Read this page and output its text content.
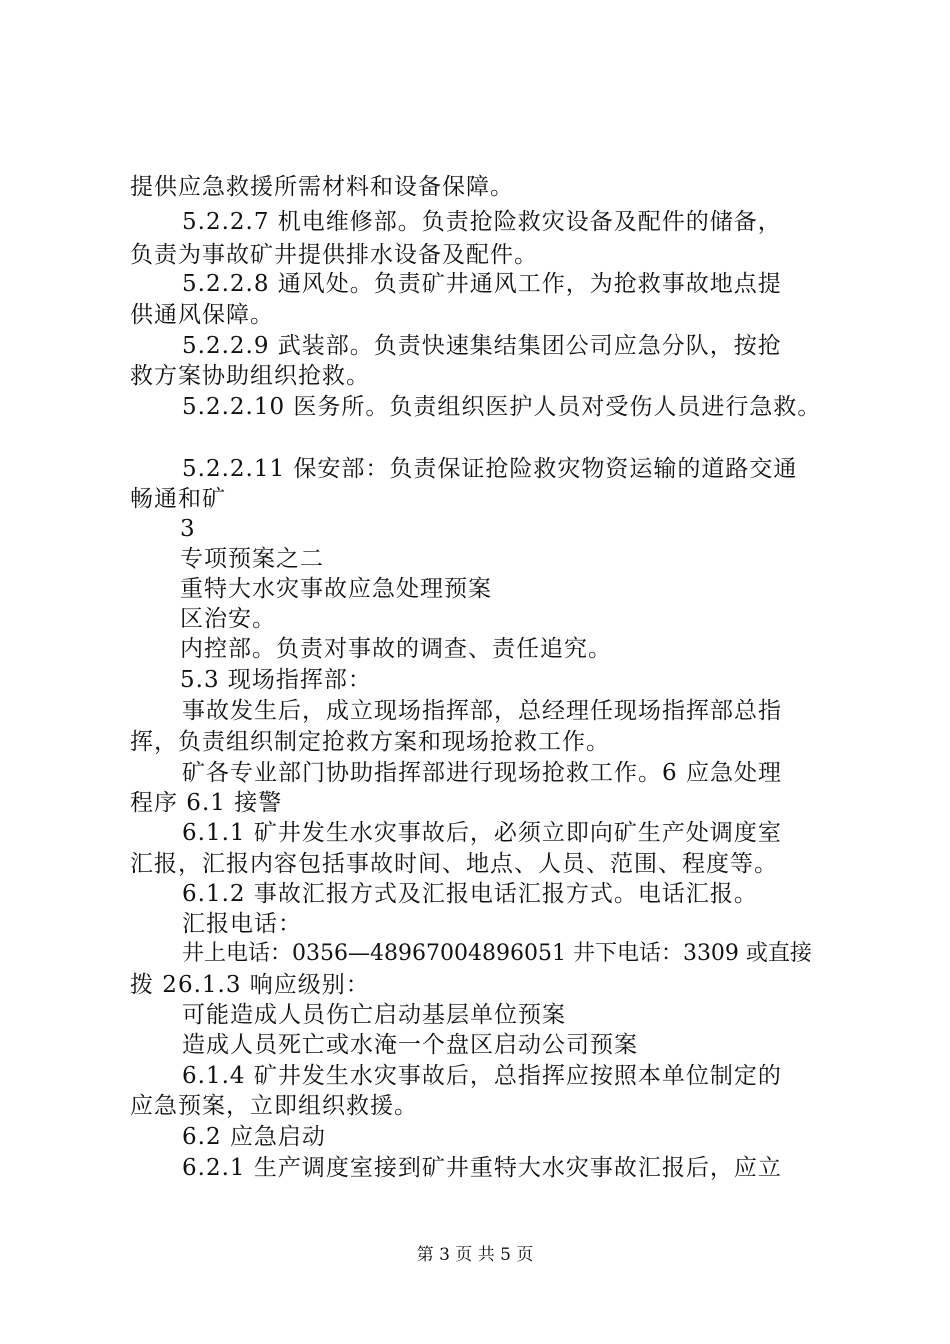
提供应急救援所需材料和设备保障。
5.2.2.7 机电维修部。负责抢险救灾设备及配件的储备，
负责为事故矿井提供排水设备及配件。
5.2.2.8 通风处。负责矿井通风工作，为抢救事故地点提
供通风保障。
5.2.2.9 武装部。负责快速集结集团公司应急分队，按抢
救方案协助组织抢救。
5.2.2.10 医务所。负责组织医护人员对受伤人员进行急救。
5.2.2.11 保安部：负责保证抢险救灾物资运输的道路交通
畅通和矿
3
专项预案之二
重特大水灾事故应急处理预案
区治安。
内控部。负责对事故的调查、责任追究。
5.3 现场指挥部：
事故发生后，成立现场指挥部，总经理任现场指挥部总指
挥，负责组织制定抢救方案和现场抢救工作。
矿各专业部门协助指挥部进行现场抢救工作。6 应急处理
程序 6.1 接警
6.1.1 矿井发生水灾事故后，必须立即向矿生产处调度室
汇报，汇报内容包括事故时间、地点、人员、范围、程度等。
6.1.2 事故汇报方式及汇报电话汇报方式。电话汇报。
汇报电话：
井上电话：0356—48967004896051 井下电话：3309 或直接
拨 26.1.3 响应级别：
可能造成人员伤亡启动基层单位预案
造成人员死亡或水淹一个盘区启动公司预案
6.1.4 矿井发生水灾事故后，总指挥应按照本单位制定的
应急预案，立即组织救援。
6.2 应急启动
6.2.1 生产调度室接到矿井重特大水灾事故汇报后，应立
第 3 页 共 5 页
